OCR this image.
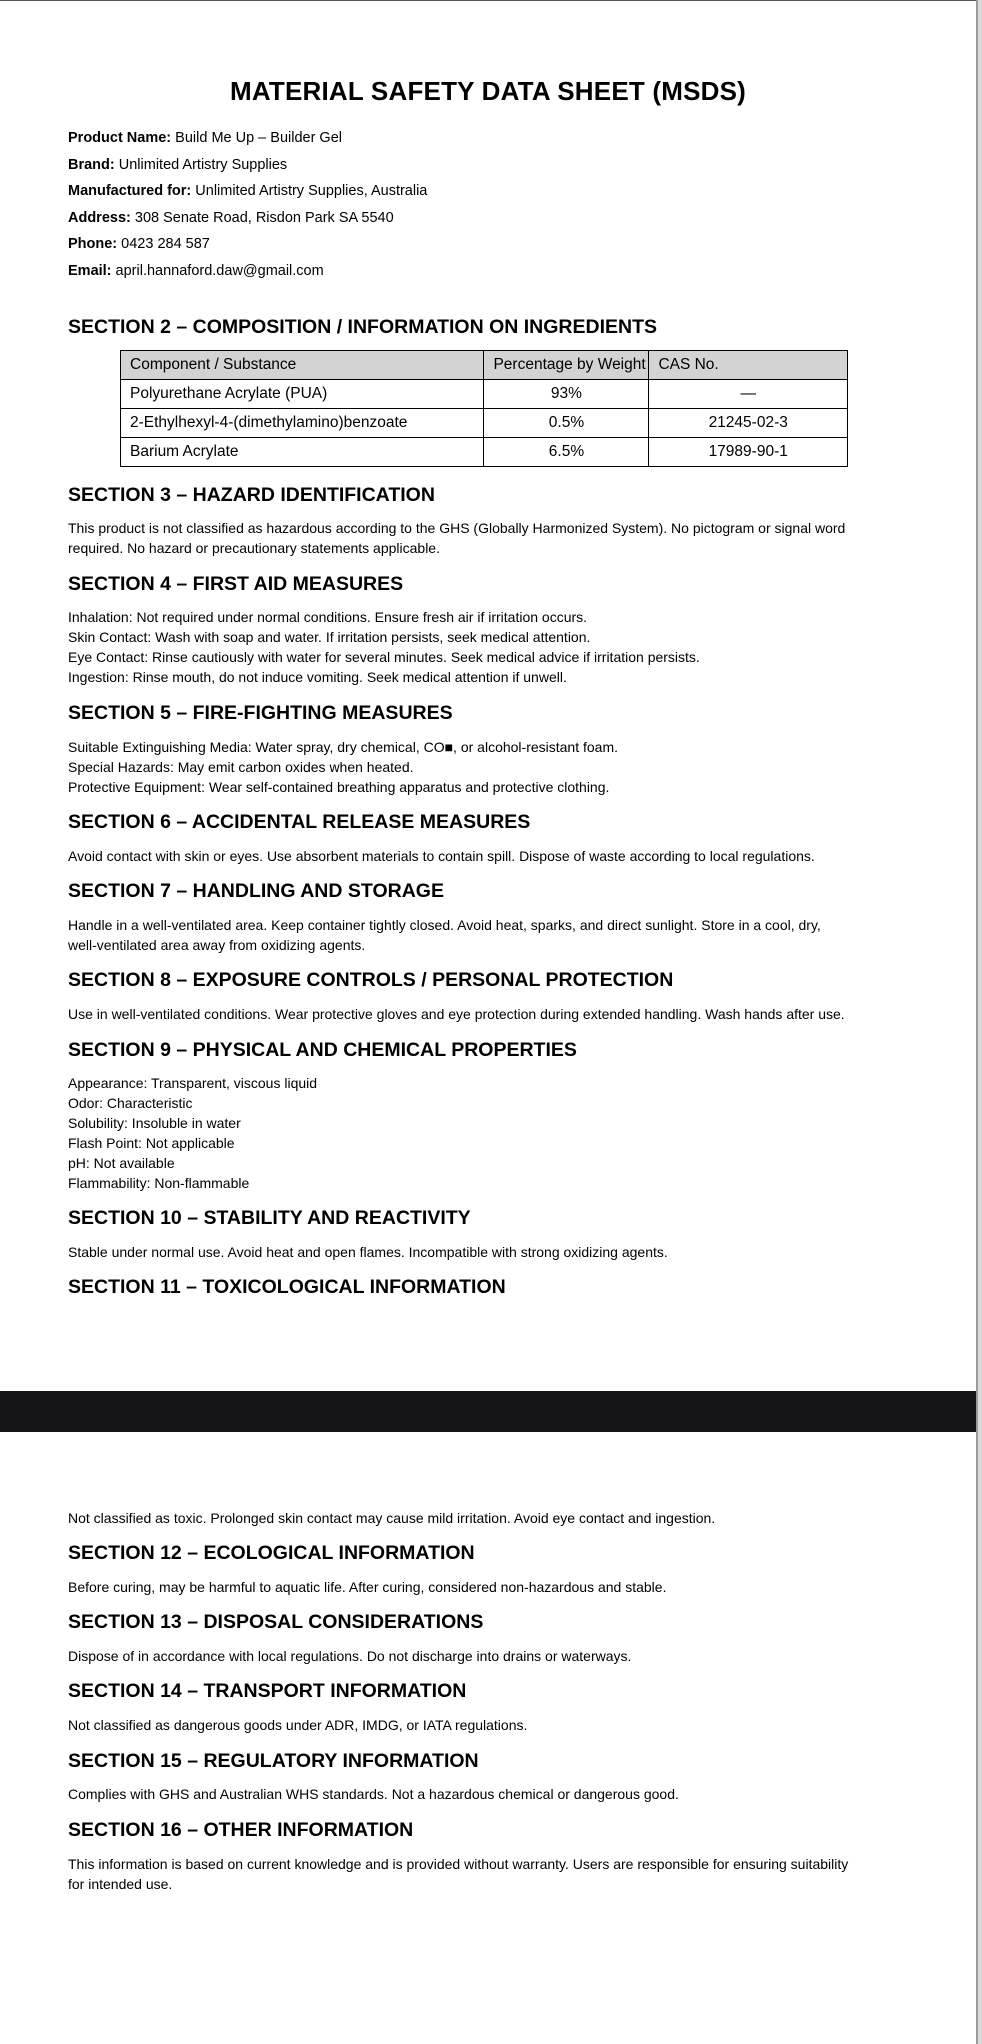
MATERIAL SAFETY DATA SHEET (MSDS)
Product Name: Build Me Up – Builder Gel
Brand: Unlimited Artistry Supplies
Manufactured for: Unlimited Artistry Supplies, Australia
Address: 308 Senate Road, Risdon Park SA 5540
Phone: 0423 284 587
Email: april.hannaford.daw@gmail.com
SECTION 2 – COMPOSITION / INFORMATION ON INGREDIENTS
Component / Substance	Percentage by Weight	CAS No.
Polyurethane Acrylate (PUA)	93%	—
2-Ethylhexyl-4-(dimethylamino)benzoate	0.5%	21245-02-3
Barium Acrylate	6.5%	17989-90-1
SECTION 3 – HAZARD IDENTIFICATION
This product is not classified as hazardous according to the GHS (Globally Harmonized System). No pictogram or signal word
required. No hazard or precautionary statements applicable.
SECTION 4 – FIRST AID MEASURES
Inhalation: Not required under normal conditions. Ensure fresh air if irritation occurs.
Skin Contact: Wash with soap and water. If irritation persists, seek medical attention.
Eye Contact: Rinse cautiously with water for several minutes. Seek medical advice if irritation persists.
Ingestion: Rinse mouth, do not induce vomiting. Seek medical attention if unwell.
SECTION 5 – FIRE-FIGHTING MEASURES
Suitable Extinguishing Media: Water spray, dry chemical, CO■, or alcohol-resistant foam.
Special Hazards: May emit carbon oxides when heated.
Protective Equipment: Wear self-contained breathing apparatus and protective clothing.
SECTION 6 – ACCIDENTAL RELEASE MEASURES
Avoid contact with skin or eyes. Use absorbent materials to contain spill. Dispose of waste according to local regulations.
SECTION 7 – HANDLING AND STORAGE
Handle in a well-ventilated area. Keep container tightly closed. Avoid heat, sparks, and direct sunlight. Store in a cool, dry,
well-ventilated area away from oxidizing agents.
SECTION 8 – EXPOSURE CONTROLS / PERSONAL PROTECTION
Use in well-ventilated conditions. Wear protective gloves and eye protection during extended handling. Wash hands after use.
SECTION 9 – PHYSICAL AND CHEMICAL PROPERTIES
Appearance: Transparent, viscous liquid
Odor: Characteristic
Solubility: Insoluble in water
Flash Point: Not applicable
pH: Not available
Flammability: Non-flammable
SECTION 10 – STABILITY AND REACTIVITY
Stable under normal use. Avoid heat and open flames. Incompatible with strong oxidizing agents.
SECTION 11 – TOXICOLOGICAL INFORMATION
Not classified as toxic. Prolonged skin contact may cause mild irritation. Avoid eye contact and ingestion.
SECTION 12 – ECOLOGICAL INFORMATION
Before curing, may be harmful to aquatic life. After curing, considered non-hazardous and stable.
SECTION 13 – DISPOSAL CONSIDERATIONS
Dispose of in accordance with local regulations. Do not discharge into drains or waterways.
SECTION 14 – TRANSPORT INFORMATION
Not classified as dangerous goods under ADR, IMDG, or IATA regulations.
SECTION 15 – REGULATORY INFORMATION
Complies with GHS and Australian WHS standards. Not a hazardous chemical or dangerous good.
SECTION 16 – OTHER INFORMATION
This information is based on current knowledge and is provided without warranty. Users are responsible for ensuring suitability
for intended use.
